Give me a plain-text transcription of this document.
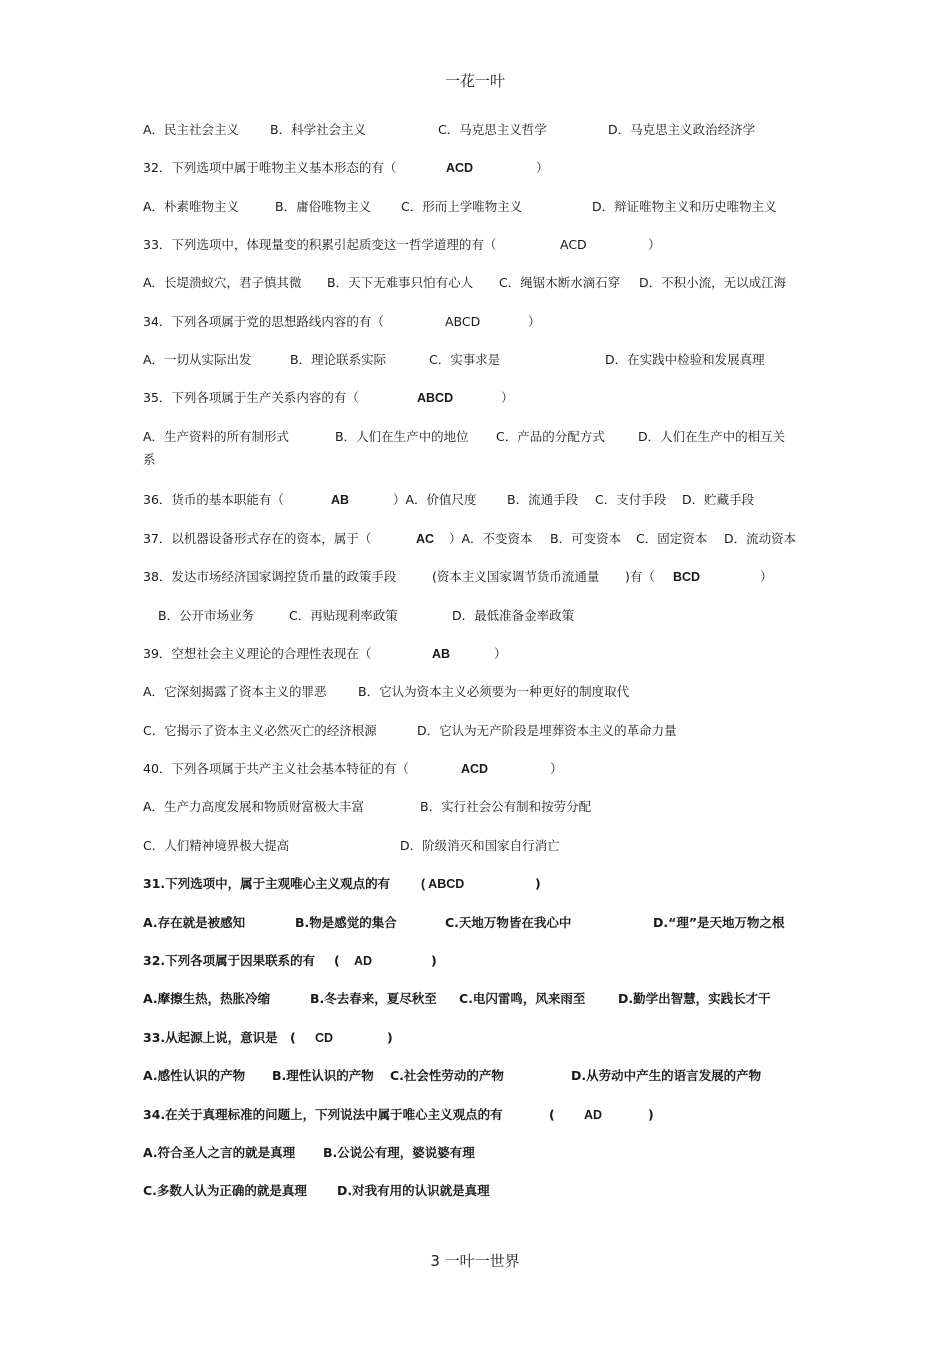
一花一叶
A．民主社会主义 B．科学社会主义	C．马克思主义哲学	D．马克思主义政治经济学
32．下列选项中属于唯物主义基本形态的有（	ACD	）
A．朴素唯物主义	B．庸俗唯物主义 C．形而上学唯物主义	D．辩证唯物主义和历史唯物主义
33．下列选项中，体现量变的积累引起质变这一哲学道理的有（	ACD	）
A．长堤溃蚁穴，君子慎其微 B．天下无难事只怕有心人 C．绳锯木断水滴石穿 D．不积小流，无以成江海
34．下列各项属于党的思想路线内容的有（	ABCD	）
A．一切从实际出发	B．理论联系实际	C．实事求是	D．在实践中检验和发展真理
35．下列各项属于生产关系内容的有（	ABCD	）
A．生产资料的所有制形式	B．人们在生产中的地位 C．产品的分配方式	D．人们在生产中的相互关
系
36．货币的基本职能有（	AB	）A．价值尺度 B．流通手段 C．支付手段 D．贮藏手段
37．以机器设备形式存在的资本，属于（	AC ）A．不变资本 B．可变资本 C．固定资本 D．流动资本
38．发达市场经济国家调控货币量的政策手段	(资本主义国家调节货币流通量 )有（ BCD	）
B．公开市场业务	C．再贴现利率政策	D．最低准备金率政策
39．空想社会主义理论的合理性表现在（	AB	）
A．它深刻揭露了资本主义的罪恶	B．它认为资本主义必须要为一种更好的制度取代
C．它揭示了资本主义必然灭亡的经济根源	D．它认为无产阶段是埋葬资本主义的革命力量
40．下列各项属于共产主义社会基本特征的有（	ACD	）
A．生产力高度发展和物质财富极大丰富	B．实行社会公有制和按劳分配
C．人们精神境界极大提高	D．阶级消灭和国家自行消亡
31.下列选项中，属于主观唯心主义观点的有 ( ABCD	)
A.存在就是被感知	B.物是感觉的集合	C.天地万物皆在我心中	D.“理”是天地万物之根
32.下列各项属于因果联系的有 ( AD	)
A.摩擦生热，热胀冷缩	B.冬去春来，夏尽秋至 C.电闪雷鸣，风来雨至	D.勤学出智慧，实践长才干
33.从起源上说，意识是 ( CD	)
A.感性认识的产物 B.理性认识的产物 C.社会性劳动的产物	D.从劳动中产生的语言发展的产物
34.在关于真理标准的问题上，下列说法中属于唯心主义观点的有	( AD	)
A.符合圣人之言的就是真理 B.公说公有理，婆说婆有理
C.多数人认为正确的就是真理 D.对我有用的认识就是真理
3 一叶一世界
